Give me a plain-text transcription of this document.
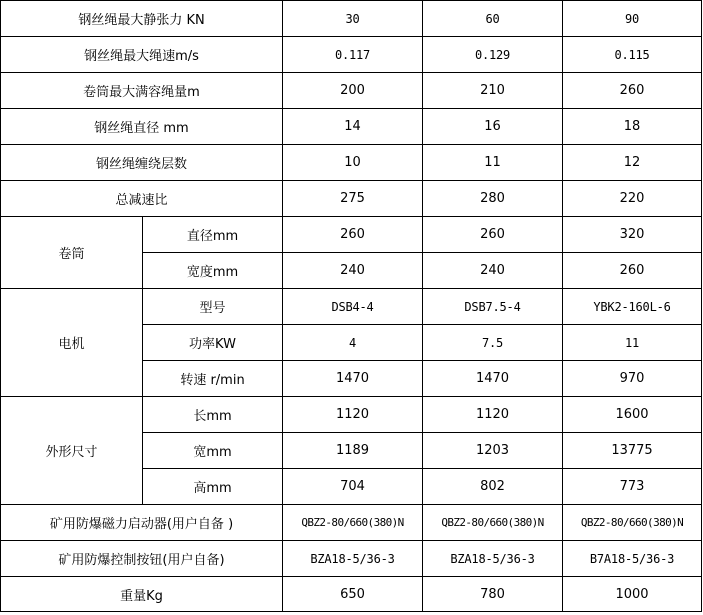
钢丝绳最大静张力 KN		30	60	90
钢丝绳最大绳速m/s		0.117	0.129	0.115
卷筒最大满容绳量m		200	210	260
钢丝绳直径 mm		14	16	18
钢丝绳缠绕层数		10	11	12
总减速比		275	280	220
卷筒	直径mm	260	260	320
	宽度mm	240	240	260
电机	型号	DSB4-4	DSB7.5-4	YBK2-160L-6
	功率KW	4	7.5	11
	转速 r/min	1470	1470	970
外形尺寸	长mm	1120	1120	1600
	宽mm	1189	1203	13775
	高mm	704	802	773
矿用防爆磁力启动器(用户自备 )		QBZ2-80/660(380)N	QBZ2-80/660(380)N	QBZ2-80/660(380)N
矿用防爆控制按钮(用户自备)		BZA18-5/36-3	BZA18-5/36-3	B7A18-5/36-3
重量Kg		650	780	1000
